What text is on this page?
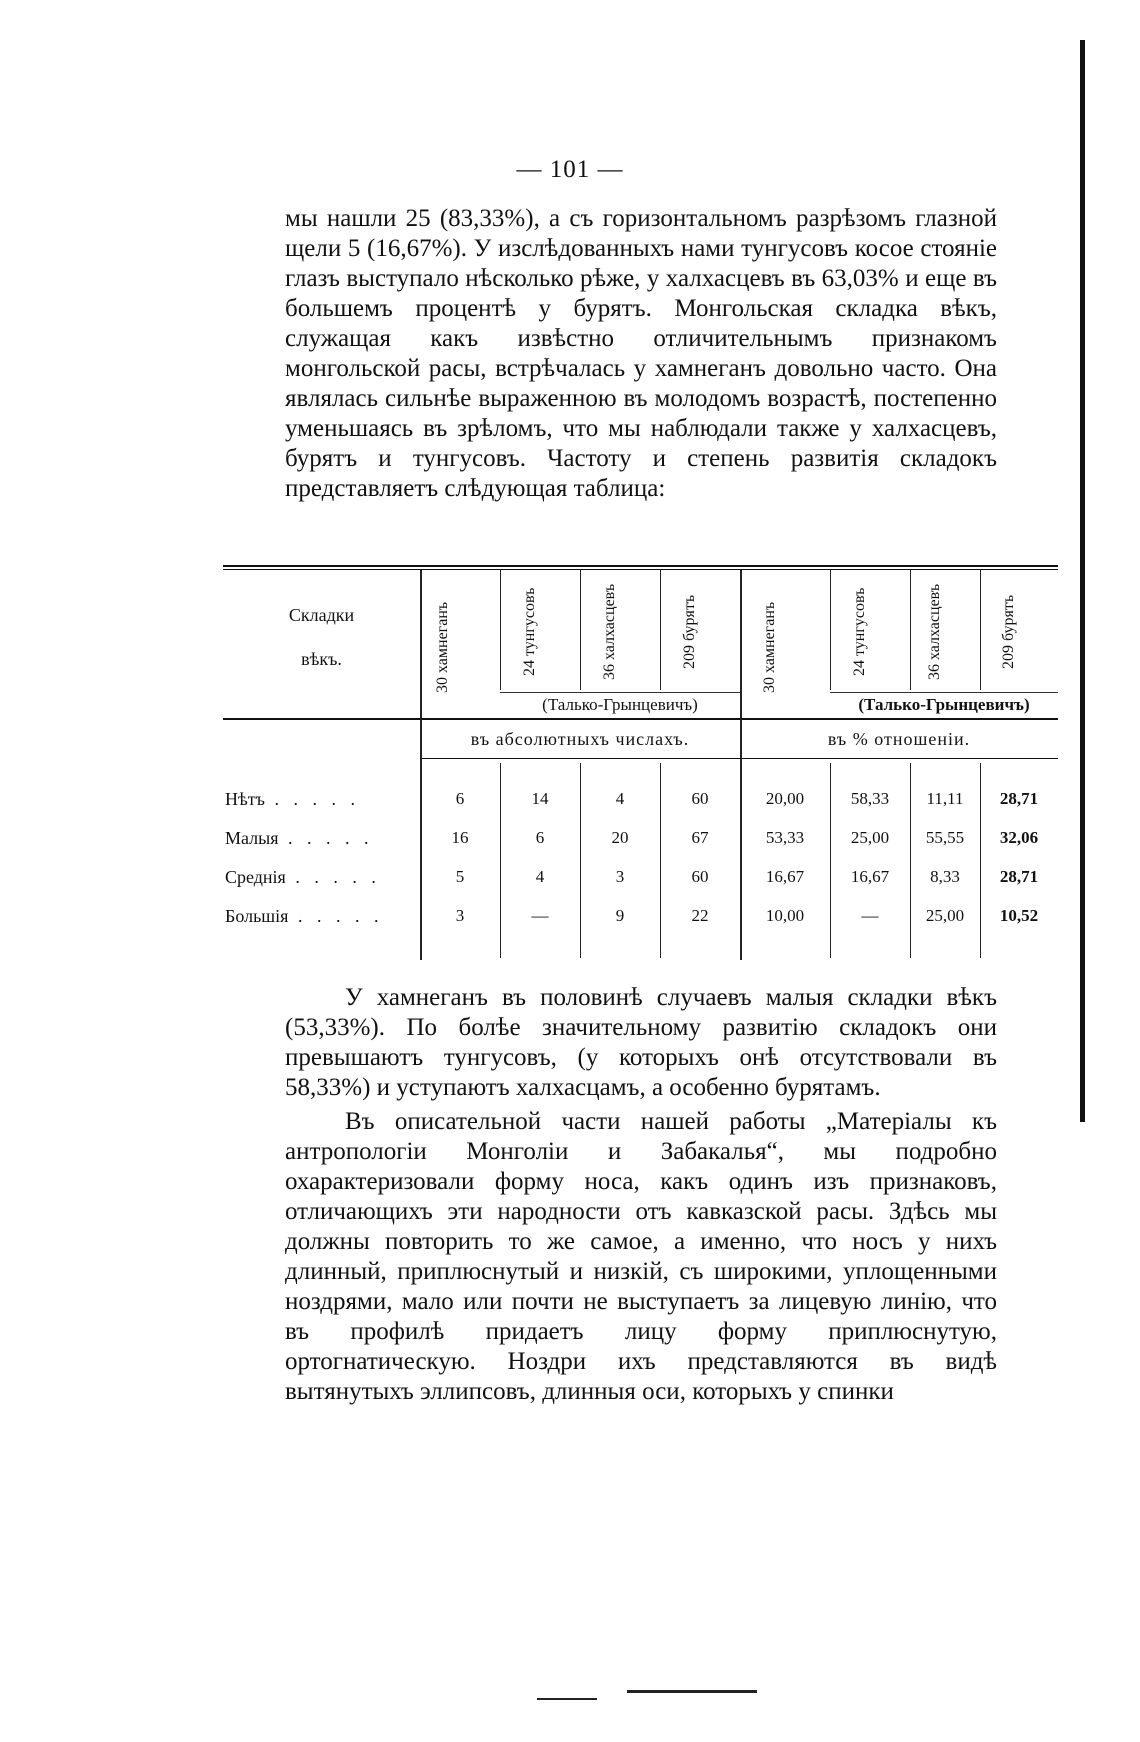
— 101 —

мы нашли 25 (83,33%), а съ горизонтальномъ разрѣзомъ глазной щели 5 (16,67%). У изслѣдованныхъ нами тунгусовъ косое стояніе глазъ выступало нѣсколько рѣже, у халхасцевъ въ 63,03% и еще въ большемъ процентѣ у бурятъ. Монгольская складка вѣкъ, служащая какъ извѣстно отличительнымъ признакомъ монгольской расы, встрѣчалась у хамнеганъ довольно часто. Она являлась сильнѣе выраженною въ молодомъ возрастѣ, постепенно уменьшаясь въ зрѣломъ, что мы наблюдали также у халхасцевъ, бурятъ и тунгусовъ. Частоту и степень развитія складокъ представляетъ слѣдующая таблица:

Складки
вѣкъ.	30 хамнеганъ	24 тунгусовъ	36 халхасцевъ	209 бурятъ	30 хамнеганъ	24 тунгусовъ	36 халхасцевъ	209 бурятъ
(Талько-Грынцевичъ)	(Талько-Грынцевичъ)
въ абсолютныхъ числахъ.	въ % отношеніи.
Нѣтъ . . . . .	6	14	4	60	20,00	58,33	11,11	28,71
Малыя . . . . .	16	6	20	67	53,33	25,00	55,55	32,06
Среднія . . . . .	5	4	3	60	16,67	16,67	8,33	28,71
Большія . . . . .	3	—	9	22	10,00	—	25,00	10,52

У хамнеганъ въ половинѣ случаевъ малыя складки вѣкъ (53,33%). По болѣе значительному развитію складокъ они превышаютъ тунгусовъ, (у которыхъ онѣ отсутствовали въ 58,33%) и уступаютъ халхасцамъ, а особенно бурятамъ.

Въ описательной части нашей работы „Матеріалы къ антропологіи Монголіи и Забакалья“, мы подробно охарактеризовали форму носа, какъ одинъ изъ признаковъ, отличающихъ эти народности отъ кавказской расы. Здѣсь мы должны повторить то же самое, а именно, что носъ у нихъ длинный, приплюснутый и низкій, съ широкими, уплощенными ноздрями, мало или почти не выступаетъ за лицевую линію, что въ профилѣ придаетъ лицу форму приплюснутую, ортогнатическую. Ноздри ихъ представляются въ видѣ вытянутыхъ эллипсовъ, длинныя оси, которыхъ у спинки
